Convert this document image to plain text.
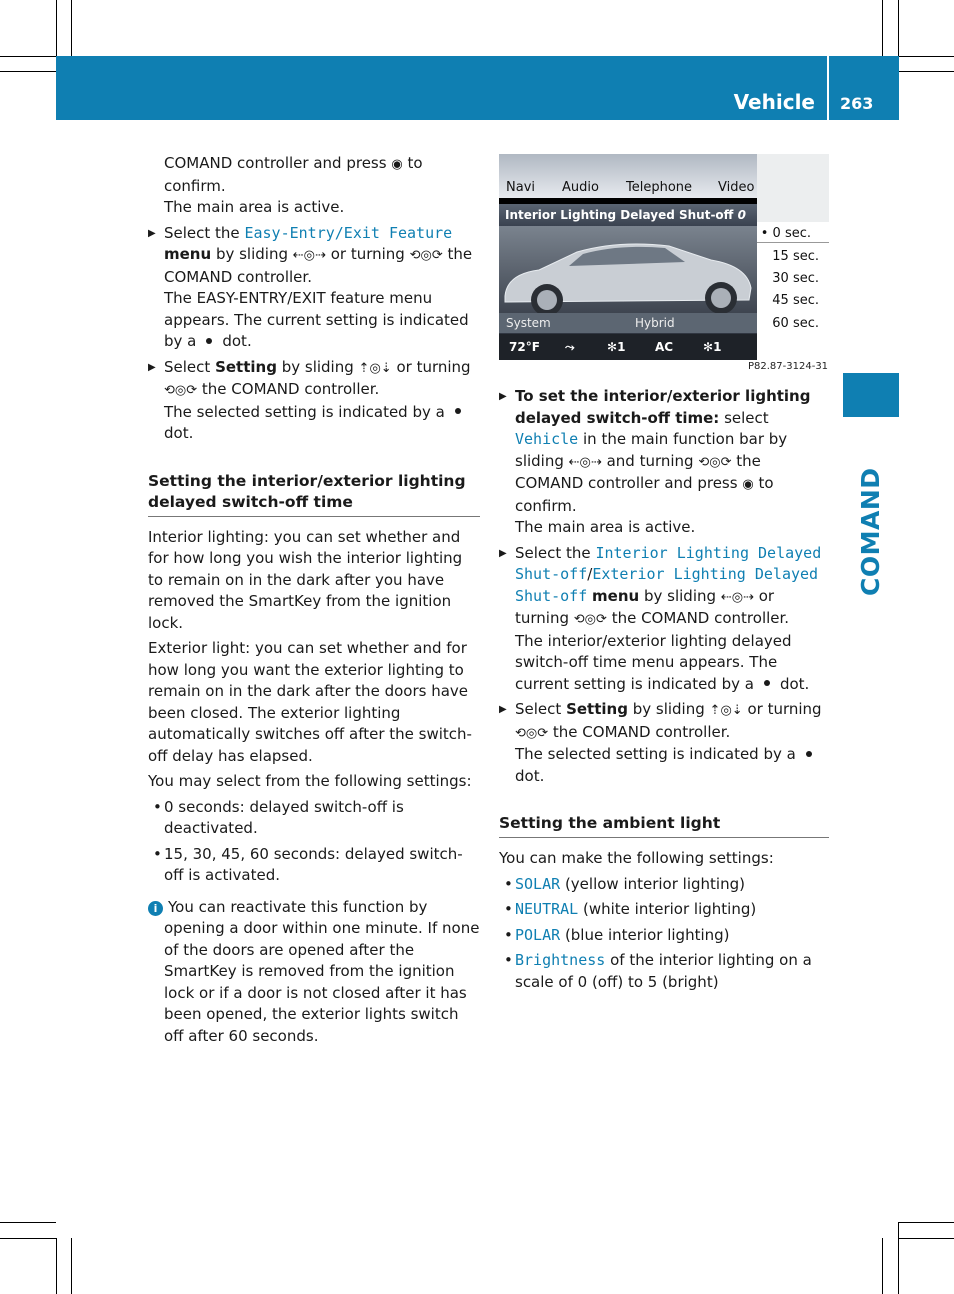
Vehicle 263
COMAND

COMAND controller and press ◉ to confirm.

The main area is active.

▶ Select the Easy-Entry/Exit Feature menu by sliding ⇠◎⇢ or turning ⟲◎⟳ the COMAND controller.
The EASY-ENTRY/EXIT feature menu appears. The current setting is indicated by a dot.
▶ Select Setting by sliding ⇡◎⇣ or turning ⟲◎⟳ the COMAND controller.
The selected setting is indicated by a
dot.
Setting the interior/exterior lighting delayed switch-off time

Interior lighting: you can set whether and for how long you wish the interior lighting to remain on in the dark after you have removed the SmartKey from the ignition lock.

Exterior light: you can set whether and for how long you want the exterior lighting to remain on in the dark after the doors have been closed. The exterior lighting automatically switches off after the switch-off delay has elapsed.

You may select from the following settings:

• 0 seconds: delayed switch-off is deactivated.
• 15, 30, 45, 60 seconds: delayed switch-off is activated.

i You can reactivate this function by opening a door within one minute. If none of the doors are opened after the SmartKey is removed from the ignition lock or if a door is not closed after it has been opened, the exterior lights switch off after 60 seconds.

Navi Audio Telephone Video
Interior Lighting Delayed Shut-off 0
System	Hybrid
72°F ⤳	✻1 AC ✻1
• 0 sec.
15 sec.
30 sec.
45 sec.
60 sec.
P82.87-3124-31
▶ To set the interior/exterior lighting delayed switch-off time: select Vehicle in the main function bar by sliding ⇠◎⇢ and turning ⟲◎⟳ the COMAND controller and press ◉ to confirm.
The main area is active.
▶ Select the Interior Lighting Delayed Shut-off/Exterior Lighting Delayed Shut-off menu by sliding ⇠◎⇢ or turning ⟲◎⟳ the COMAND controller.
The interior/exterior lighting delayed switch-off time menu appears. The current setting is indicated by a dot.
▶ Select Setting by sliding ⇡◎⇣ or turning ⟲◎⟳ the COMAND controller.
The selected setting is indicated by a
dot.
Setting the ambient light

You can make the following settings:

• SOLAR (yellow interior lighting)
• NEUTRAL (white interior lighting)
• POLAR (blue interior lighting)
• Brightness of the interior lighting on a scale of 0 (off) to 5 (bright)
